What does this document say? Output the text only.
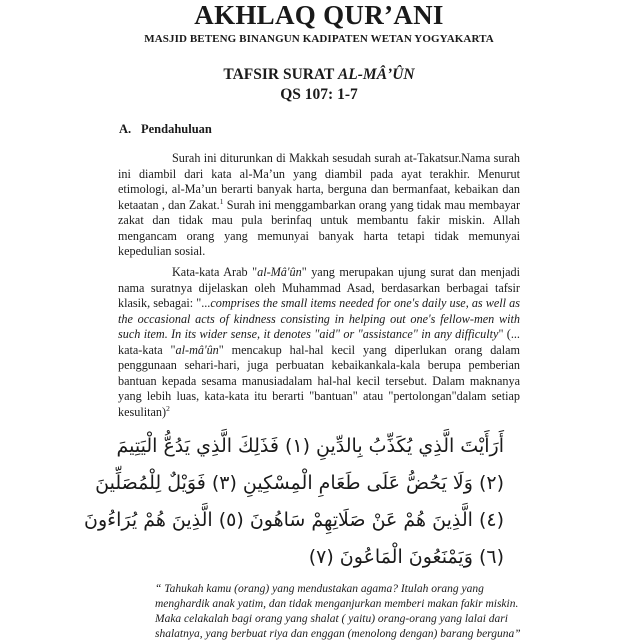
AKHLAQ QUR’ANI
MASJID BETENG BINANGUN KADIPATEN WETAN YOGYAKARTA
TAFSIR SURAT AL-MÂ’ÛN
QS 107: 1-7
A. Pendahuluan

Surah ini diturunkan di Makkah sesudah surah at-Takatsur.Nama surah ini diambil dari kata al-Ma’un yang diambil pada ayat terakhir. Menurut etimologi, al-Ma’un berarti banyak harta, berguna dan bermanfaat, kebaikan dan ketaatan , dan Zakat.$^1$ Surah ini menggambarkan orang yang tidak mau membayar zakat dan tidak mau pula berinfaq untuk membantu fakir miskin. Allah mengancam orang yang memunyai banyak harta tetapi tidak memunyai kepedulian sosial.

Kata-kata Arab "al-Mâ'ûn" yang merupakan ujung surat dan menjadi nama suratnya dijelaskan oleh Muhammad Asad, berdasarkan berbagai tafsir klasik, sebagai: "...comprises the small items needed for one's daily use, as well as the occasional acts of kindness consisting in helping out one's fellow-men with such item. In its wider sense, it denotes "aid" or "assistance" in any difficulty" (... kata-kata "al-mâ'ûn" mencakup hal-hal kecil yang diperlukan orang dalam penggunaan sehari-hari, juga perbuatan kebaikankala-kala berupa pemberian bantuan kepada sesama manusiadalam hal-hal kecil tersebut. Dalam maknanya yang lebih luas, kata-kata itu berarti "bantuan" atau "pertolongan"dalam setiap kesulitan)$^2$

أَرَأَيْتَ الَّذِي يُكَذِّبُ بِالدِّينِ (١) فَذَلِكَ الَّذِي يَدُعُّ الْيَتِيمَ
(٢) وَلَا يَحُضُّ عَلَى طَعَامِ الْمِسْكِينِ (٣) فَوَيْلٌ لِلْمُصَلِّينَ
(٤) الَّذِينَ هُمْ عَنْ صَلَاتِهِمْ سَاهُونَ (٥) الَّذِينَ هُمْ يُرَاءُونَ
(٦) وَيَمْنَعُونَ الْمَاعُونَ (٧)

“ Tahukah kamu (orang) yang mendustakan agama? Itulah orang yang menghardik anak yatim, dan tidak menganjurkan memberi makan fakir miskin. Maka celakalah bagi orang yang shalat ( yaitu) orang-orang yang lalai dari shalatnya, yang berbuat riya dan enggan (menolong dengan) barang berguna”
